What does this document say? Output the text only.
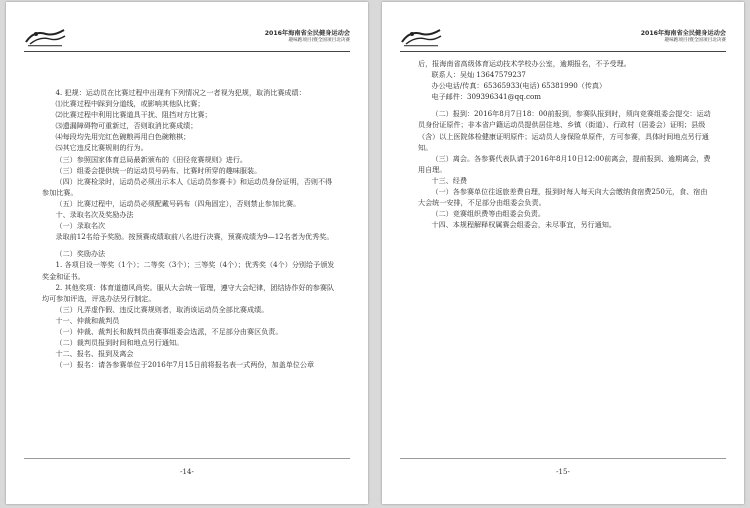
2016年海南省全民健身运动会
趣味跑项目(暨全国项目北决赛

4. 犯规：运动员在比赛过程中出现有下列情况之一者视为犯规，取消比赛成绩：

⑴比赛过程中踩到分道线，或影响其他队比赛；

⑵比赛过程中利用比赛道具干扰、阻挡对方比赛；

⑶遗漏障碍物可重新过，否则取消比赛成绩；

⑷每段均先用完红色碗粮再用白色碗粮棋；

⑸其它违反比赛规则的行为。

（三）参照国家体育总局最新颁布的《田径竞赛规则》进行。

（三）组委会提供统一的运动员号码布、比赛时所穿的趣味服装。

（四）比赛检录时，运动员必须出示本人《运动员参赛卡》和运动员身份证明，否则不得参加比赛。

（五）比赛过程中，运动员必须配戴号码布（四角固定），否则禁止参加比赛。

十、录取名次及奖励办法

（一）录取名次

录取前12名给予奖励。按预赛成绩取前八名进行决赛，预赛成绩为9—12名者为优秀奖。

（二）奖励办法

1. 各项目设一等奖（1个）；二等奖（3个）；三等奖（4个）；优秀奖（4个）分别给予颁发奖金和证书。

2. 其他奖项：体育道德风尚奖。服从大会统一管理，遵守大会纪律，团结协作好的参赛队均可参加评选，评选办法另行制定。

（三）凡弄虚作假、违反比赛规则者，取消该运动员全部比赛成绩。

十一、仲裁和裁判员

（一）仲裁、裁判长和裁判员由赛事组委会选派，不足部分由赛区负责。

（二）裁判员报到时间和地点另行通知。

十二、报名、报到及离会

（一）报名：请各参赛单位于2016年7月15日前将报名表一式两份，加盖单位公章

-14-
2016年海南省全民健身运动会
趣味跑项目(暨全国项目北决赛

后，报海南省高级体育运动技术学校办公室，逾期报名，不予受理。

联系人：吴灿 13647579237

办公电话/传真：65365933(电话) 65381990（传真）

电子邮件：309396341@qq.com

（二）报到：2016年8月7日18：00前报到，参赛队报到时，须向竞赛组委会提交：运动员身份证原件；非本省户籍运动员提供居住地、乡镇（街道）、行政村（居委会）证明；县级（含）以上医院体检健康证明原件；运动员人身保险单原件，方可参赛，具体时间地点另行通知。

（三）离会。各参赛代表队请于2016年8月10日12:00前离会，提前报到、逾期离会，费用自理。

十三、经费

（一）各参赛单位往返旅差费自理，报到时每人每天向大会缴纳食宿费250元，食、宿由大会统一安排，不足部分由组委会负责。

（二）竞赛组织费等由组委会负责。

十四、本规程解释权属赛会组委会，未尽事宜，另行通知。

-15-
